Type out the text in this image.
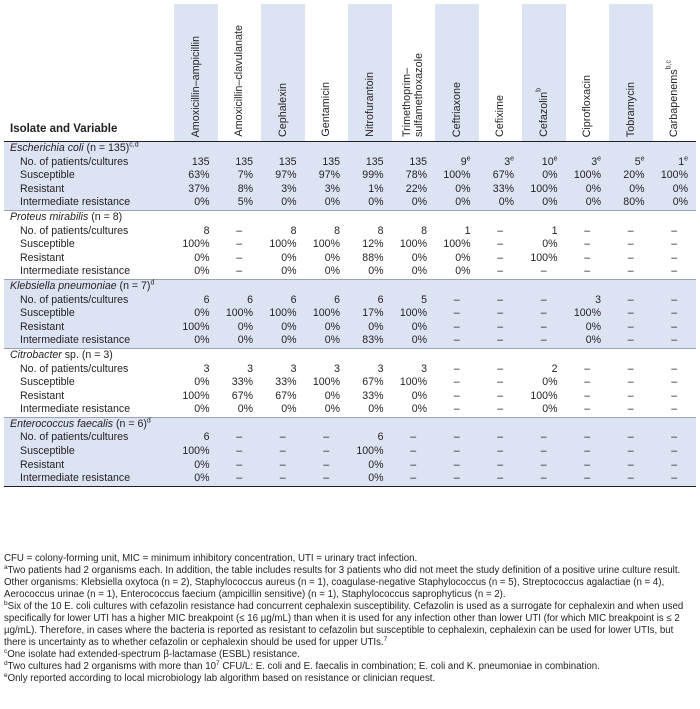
Isolate and Variable	Amoxicillin–ampicillin	Amoxicillin–clavulanate	Cephalexin	Gentamicin	Nitrofurantoin	Trimethoprim– sulfamethoxazole	Ceftriaxone	Cefixime	Cefazolin$^b$	Ciprofloxacin	Tobramycin	Carbapenems$^{b,c}$

Escherichia coli (n = 135)$^{c,d}$
No. of patients/cultures	135	135	135	135	135	135	9e	3e	10e	3e	5e	1e
Susceptible	63%	7%	97%	97%	99%	78%	100%	67%	0%	100%	20%	100%
Resistant	37%	8%	3%	3%	1%	22%	0%	33%	100%	0%	0%	0%
Intermediate resistance	0%	5%	0%	0%	0%	0%	0%	0%	0%	0%	80%	0%
Proteus mirabilis (n = 8)												
No. of patients/cultures	8	–	8	8	8	8	1	–	1	–	–	–
Susceptible	100%	–	100%	100%	12%	100%	100%	–	0%	–	–	–
Resistant	0%	–	0%	0%	88%	0%	0%	–	100%	–	–	–
Intermediate resistance	0%	–	0%	0%	0%	0%	0%	–	–	–	–	–
Klebsiella pneumoniae (n = 7)$^d$
No. of patients/cultures	6	6	6	6	6	5	–	–	–	3	–	–
Susceptible	0%	100%	100%	100%	17%	100%	–	–	–	100%	–	–
Resistant	100%	0%	0%	0%	0%	0%	–	–	–	0%	–	–
Intermediate resistance	0%	0%	0%	0%	83%	0%	–	–	–	0%	–	–
Citrobacter sp. (n = 3)												
No. of patients/cultures	3	3	3	3	3	3	–	–	2	–	–	–
Susceptible	0%	33%	33%	100%	67%	100%	–	–	0%	–	–	–
Resistant	100%	67%	67%	0%	33%	0%	–	–	100%	–	–	–
Intermediate resistance	0%	0%	0%	0%	0%	0%	–	–	0%	–	–	–
Enterococcus faecalis (n = 6)$^d$
No. of patients/cultures	6	–	–	–	6	–	–	–	–	–	–	–
Susceptible	100%	–	–	–	100%	–	–	–	–	–	–	–
Resistant	0%	–	–	–	0%	–	–	–	–	–	–	–
Intermediate resistance	0%	–	–	–	0%	–	–	–	–	–	–	–

CFU = colony-forming unit, MIC = minimum inhibitory concentration, UTI = urinary tract infection.

$^a$Two patients had 2 organisms each. In addition, the table includes results for 3 patients who did not meet the study definition of a positive urine culture result. Other organisms: Klebsiella oxytoca (n = 2), Staphylococcus aureus (n = 1), coagulase-negative Staphylococcus (n = 5), Streptococcus agalactiae (n = 4), Aerococcus urinae (n = 1), Enterococcus faecium (ampicillin sensitive) (n = 1), Staphylococcus saprophyticus (n = 2).

$^b$Six of the 10 E. coli cultures with cefazolin resistance had concurrent cephalexin susceptibility. Cefazolin is used as a surrogate for cephalexin and when used specifically for lower UTI has a higher MIC breakpoint (≤ 16 µg/mL) than when it is used for any infection other than lower UTI (for which MIC breakpoint is ≤ 2 µg/mL). Therefore, in cases where the bacteria is reported as resistant to cefazolin but susceptible to cephalexin, cephalexin can be used for lower UTIs, but there is uncertainty as to whether cefazolin or cephalexin should be used for upper UTIs.$^7$

$^c$One isolate had extended-spectrum β-lactamase (ESBL) resistance.

$^d$Two cultures had 2 organisms with more than $10^7$ CFU/L: E. coli and E. faecalis in combination; E. coli and K. pneumoniae in combination.

$^e$Only reported according to local microbiology lab algorithm based on resistance or clinician request.
